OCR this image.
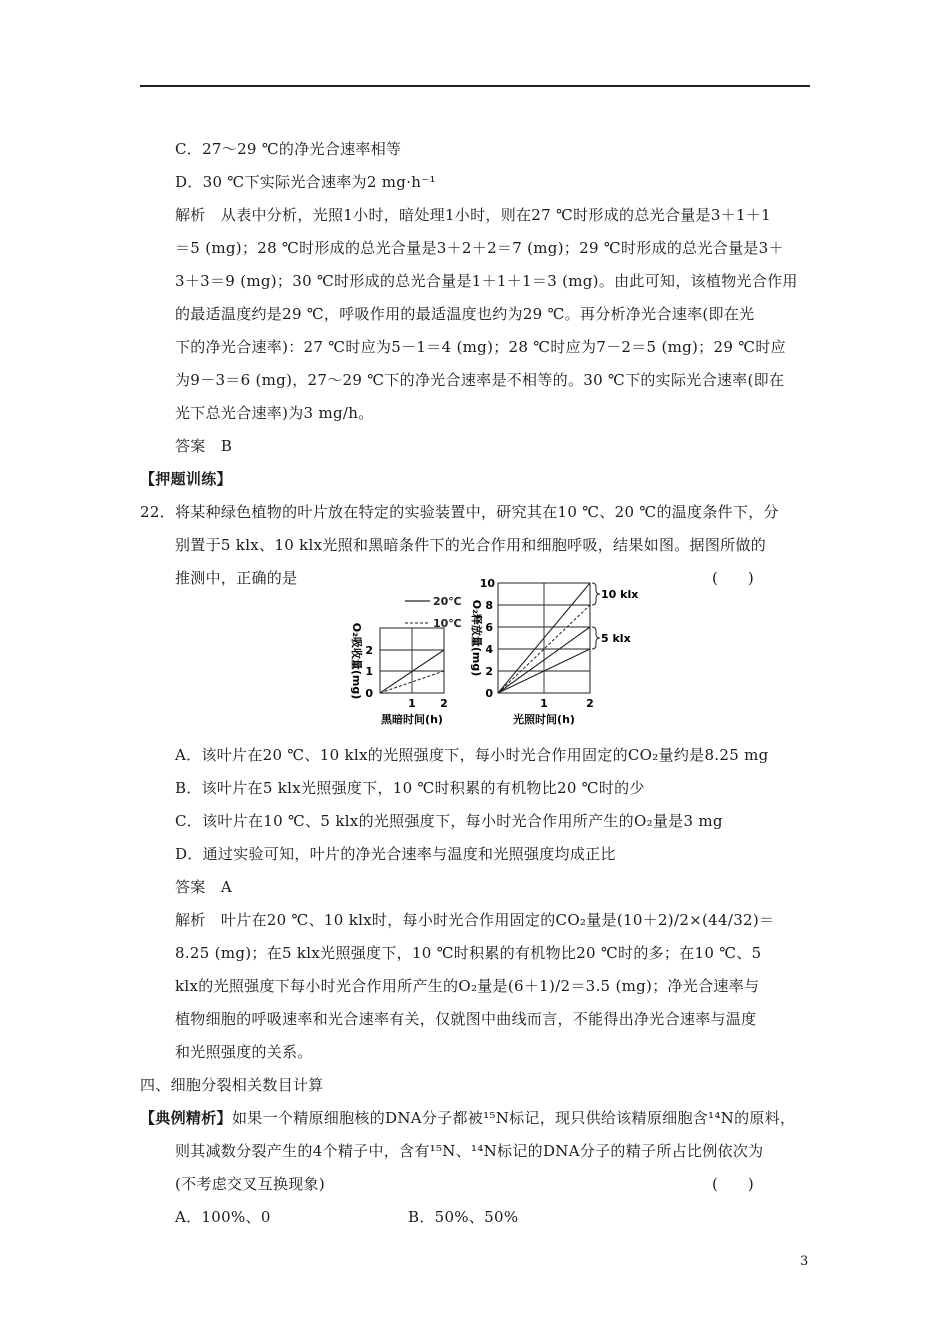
C．27～29 ℃的净光合速率相等
D．30 ℃下实际光合速率为2 mg·h⁻¹
解析　从表中分析，光照1小时，暗处理1小时，则在27 ℃时形成的总光合量是3＋1＋1
＝5 (mg)；28 ℃时形成的总光合量是3＋2＋2＝7 (mg)；29 ℃时形成的总光合量是3＋
3＋3＝9 (mg)；30 ℃时形成的总光合量是1＋1＋1＝3 (mg)。由此可知，该植物光合作用
的最适温度约是29 ℃，呼吸作用的最适温度也约为29 ℃。再分析净光合速率(即在光
下的净光合速率)：27 ℃时应为5－1＝4 (mg)；28 ℃时应为7－2＝5 (mg)；29 ℃时应
为9－3＝6 (mg)，27～29 ℃下的净光合速率是不相等的。30 ℃下的实际光合速率(即在
光下总光合速率)为3 mg/h。
答案　B
【押题训练】
22．将某种绿色植物的叶片放在特定的实验装置中，研究其在10 ℃、20 ℃的温度条件下，分
别置于5 klx、10 klx光照和黑暗条件下的光合作用和细胞呼吸，结果如图。据图所做的
推测中，正确的是	(　　)
20℃
10℃
0
1
2
1 2
黑暗时间(h)
O₂吸收量(mg)	0
2
4
6
8
10
1	2
光照时间(h)
O₂释放量(mg)
10 klx
5 klx
A．该叶片在20 ℃、10 klx的光照强度下，每小时光合作用固定的CO₂量约是8.25 mg
B．该叶片在5 klx光照强度下，10 ℃时积累的有机物比20 ℃时的少
C．该叶片在10 ℃、5 klx的光照强度下，每小时光合作用所产生的O₂量是3 mg
D．通过实验可知，叶片的净光合速率与温度和光照强度均成正比
答案　A
解析　叶片在20 ℃、10 klx时，每小时光合作用固定的CO₂量是(10＋2)/2×(44/32)＝
8.25 (mg)；在5 klx光照强度下，10 ℃时积累的有机物比20 ℃时的多；在10 ℃、5
klx的光照强度下每小时光合作用所产生的O₂量是(6＋1)/2＝3.5 (mg)；净光合速率与
植物细胞的呼吸速率和光合速率有关，仅就图中曲线而言，不能得出净光合速率与温度
和光照强度的关系。
四、细胞分裂相关数目计算
【典例精析】 如果一个精原细胞核的DNA分子都被¹⁵N标记，现只供给该精原细胞含¹⁴N的原料，
则其减数分裂产生的4个精子中，含有¹⁵N、¹⁴N标记的DNA分子的精子所占比例依次为
(不考虑交叉互换现象)	(　　)
A．100%、0	B．50%、50%
3
